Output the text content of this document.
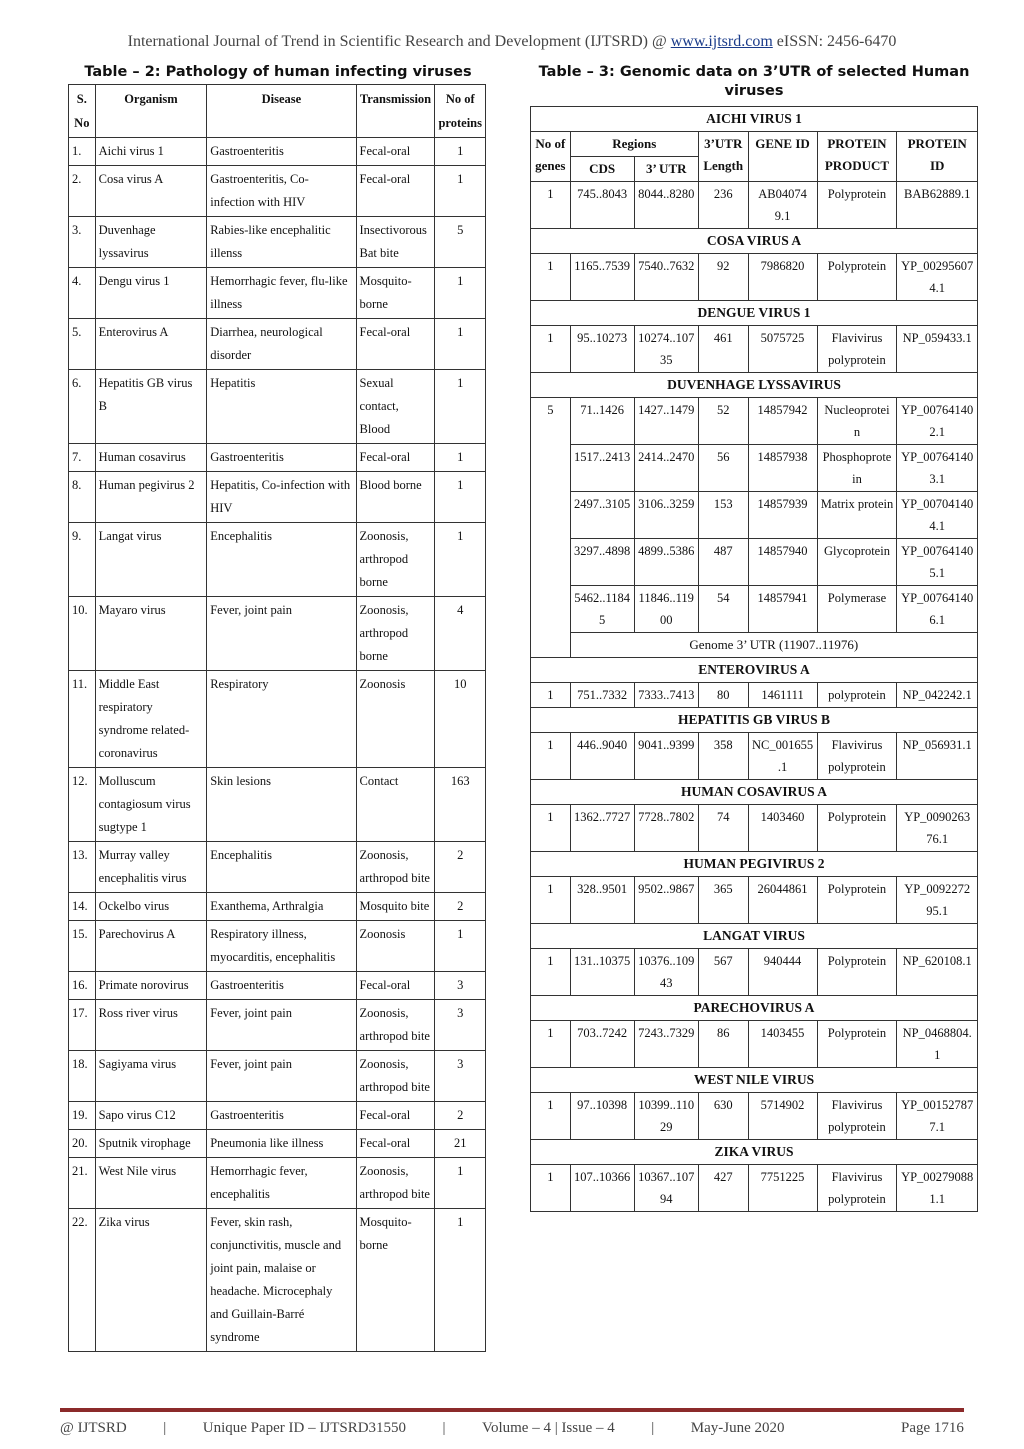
International Journal of Trend in Scientific Research and Development (IJTSRD) @ www.ijtsrd.com eISSN: 2456-6470
Table – 2: Pathology of human infecting viruses	Table – 3: Genomic data on 3’UTR of selected Human viruses
S. No	Organism	Disease	Transmission	No of proteins
1.	Aichi virus 1	Gastroenteritis	Fecal-oral	1
2.	Cosa virus A	Gastroenteritis, Co-infection with HIV	Fecal-oral	1
3.	Duvenhage lyssavirus	Rabies-like encephalitic illenss	Insectivorous Bat bite	5
4.	Dengu virus 1	Hemorrhagic fever, flu-like illness	Mosquito-borne	1
5.	Enterovirus A	Diarrhea, neurological disorder	Fecal-oral	1
6.	Hepatitis GB virus B	Hepatitis	Sexual contact, Blood	1
7.	Human cosavirus	Gastroenteritis	Fecal-oral	1
8.	Human pegivirus 2	Hepatitis, Co-infection with HIV	Blood borne	1
9.	Langat virus	Encephalitis	Zoonosis, arthropod borne	1
10.	Mayaro virus	Fever, joint pain	Zoonosis, arthropod borne	4
11.	Middle East respiratory syndrome related-coronavirus	Respiratory	Zoonosis	10
12.	Molluscum contagiosum virus sugtype 1	Skin lesions	Contact	163
13.	Murray valley encephalitis virus	Encephalitis	Zoonosis, arthropod bite	2
14.	Ockelbo virus	Exanthema, Arthralgia	Mosquito bite	2
15.	Parechovirus A	Respiratory illness, myocarditis, encephalitis	Zoonosis	1
16.	Primate norovirus	Gastroenteritis	Fecal-oral	3
17.	Ross river virus	Fever, joint pain	Zoonosis, arthropod bite	3
18.	Sagiyama virus	Fever, joint pain	Zoonosis, arthropod bite	3
19.	Sapo virus C12	Gastroenteritis	Fecal-oral	2
20.	Sputnik virophage	Pneumonia like illness	Fecal-oral	21
21.	West Nile virus	Hemorrhagic fever, encephalitis	Zoonosis, arthropod bite	1
22.	Zika virus	Fever, skin rash, conjunctivitis, muscle and joint pain, malaise or headache. Microcephaly and Guillain-Barré syndrome	Mosquito-borne	1
AICHI VIRUS 1						
No of genes	Regions		3’UTR Length	GENE ID	PROTEIN PRODUCT	PROTEIN ID
	CDS	3’ UTR				
1	745..8043	8044..8280	236	AB04074 9.1	Polyprotein	BAB62889.1
COSA VIRUS A						
1	1165..7539	7540..7632	92	7986820	Polyprotein	YP_00295607 4.1
DENGUE VIRUS 1						
1	95..10273	10274..107 35	461	5075725	Flavivirus polyprotein	NP_059433.1
DUVENHAGE LYSSAVIRUS						
5	71..1426	1427..1479	52	14857942	Nucleoprotei n	YP_00764140 2.1
	1517..2413	2414..2470	56	14857938	Phosphoprote in	YP_00764140 3.1
	2497..3105	3106..3259	153	14857939	Matrix protein	YP_00704140 4.1
	3297..4898	4899..5386	487	14857940	Glycoprotein	YP_00764140 5.1
	5462..1184 5	11846..119 00	54	14857941	Polymerase	YP_00764140 6.1
	Genome 3’ UTR (11907..11976)					
ENTEROVIRUS A						
1	751..7332	7333..7413	80	1461111	polyprotein	NP_042242.1
HEPATITIS GB VIRUS B						
1	446..9040	9041..9399	358	NC_001655 .1	Flavivirus polyprotein	NP_056931.1
HUMAN COSAVIRUS A						
1	1362..7727	7728..7802	74	1403460	Polyprotein	YP_0090263 76.1
HUMAN PEGIVIRUS 2						
1	328..9501	9502..9867	365	26044861	Polyprotein	YP_0092272 95.1
LANGAT VIRUS						
1	131..10375	10376..109 43	567	940444	Polyprotein	NP_620108.1
PARECHOVIRUS A						
1	703..7242	7243..7329	86	1403455	Polyprotein	NP_0468804. 1
WEST NILE VIRUS						
1	97..10398	10399..110 29	630	5714902	Flavivirus polyprotein	YP_00152787 7.1
ZIKA VIRUS						
1	107..10366	10367..107 94	427	7751225	Flavivirus polyprotein	YP_00279088 1.1
@ IJTSRD | Unique Paper ID – IJTSRD31550 | Volume – 4 | Issue – 4 | May-June 2020	Page 1716
